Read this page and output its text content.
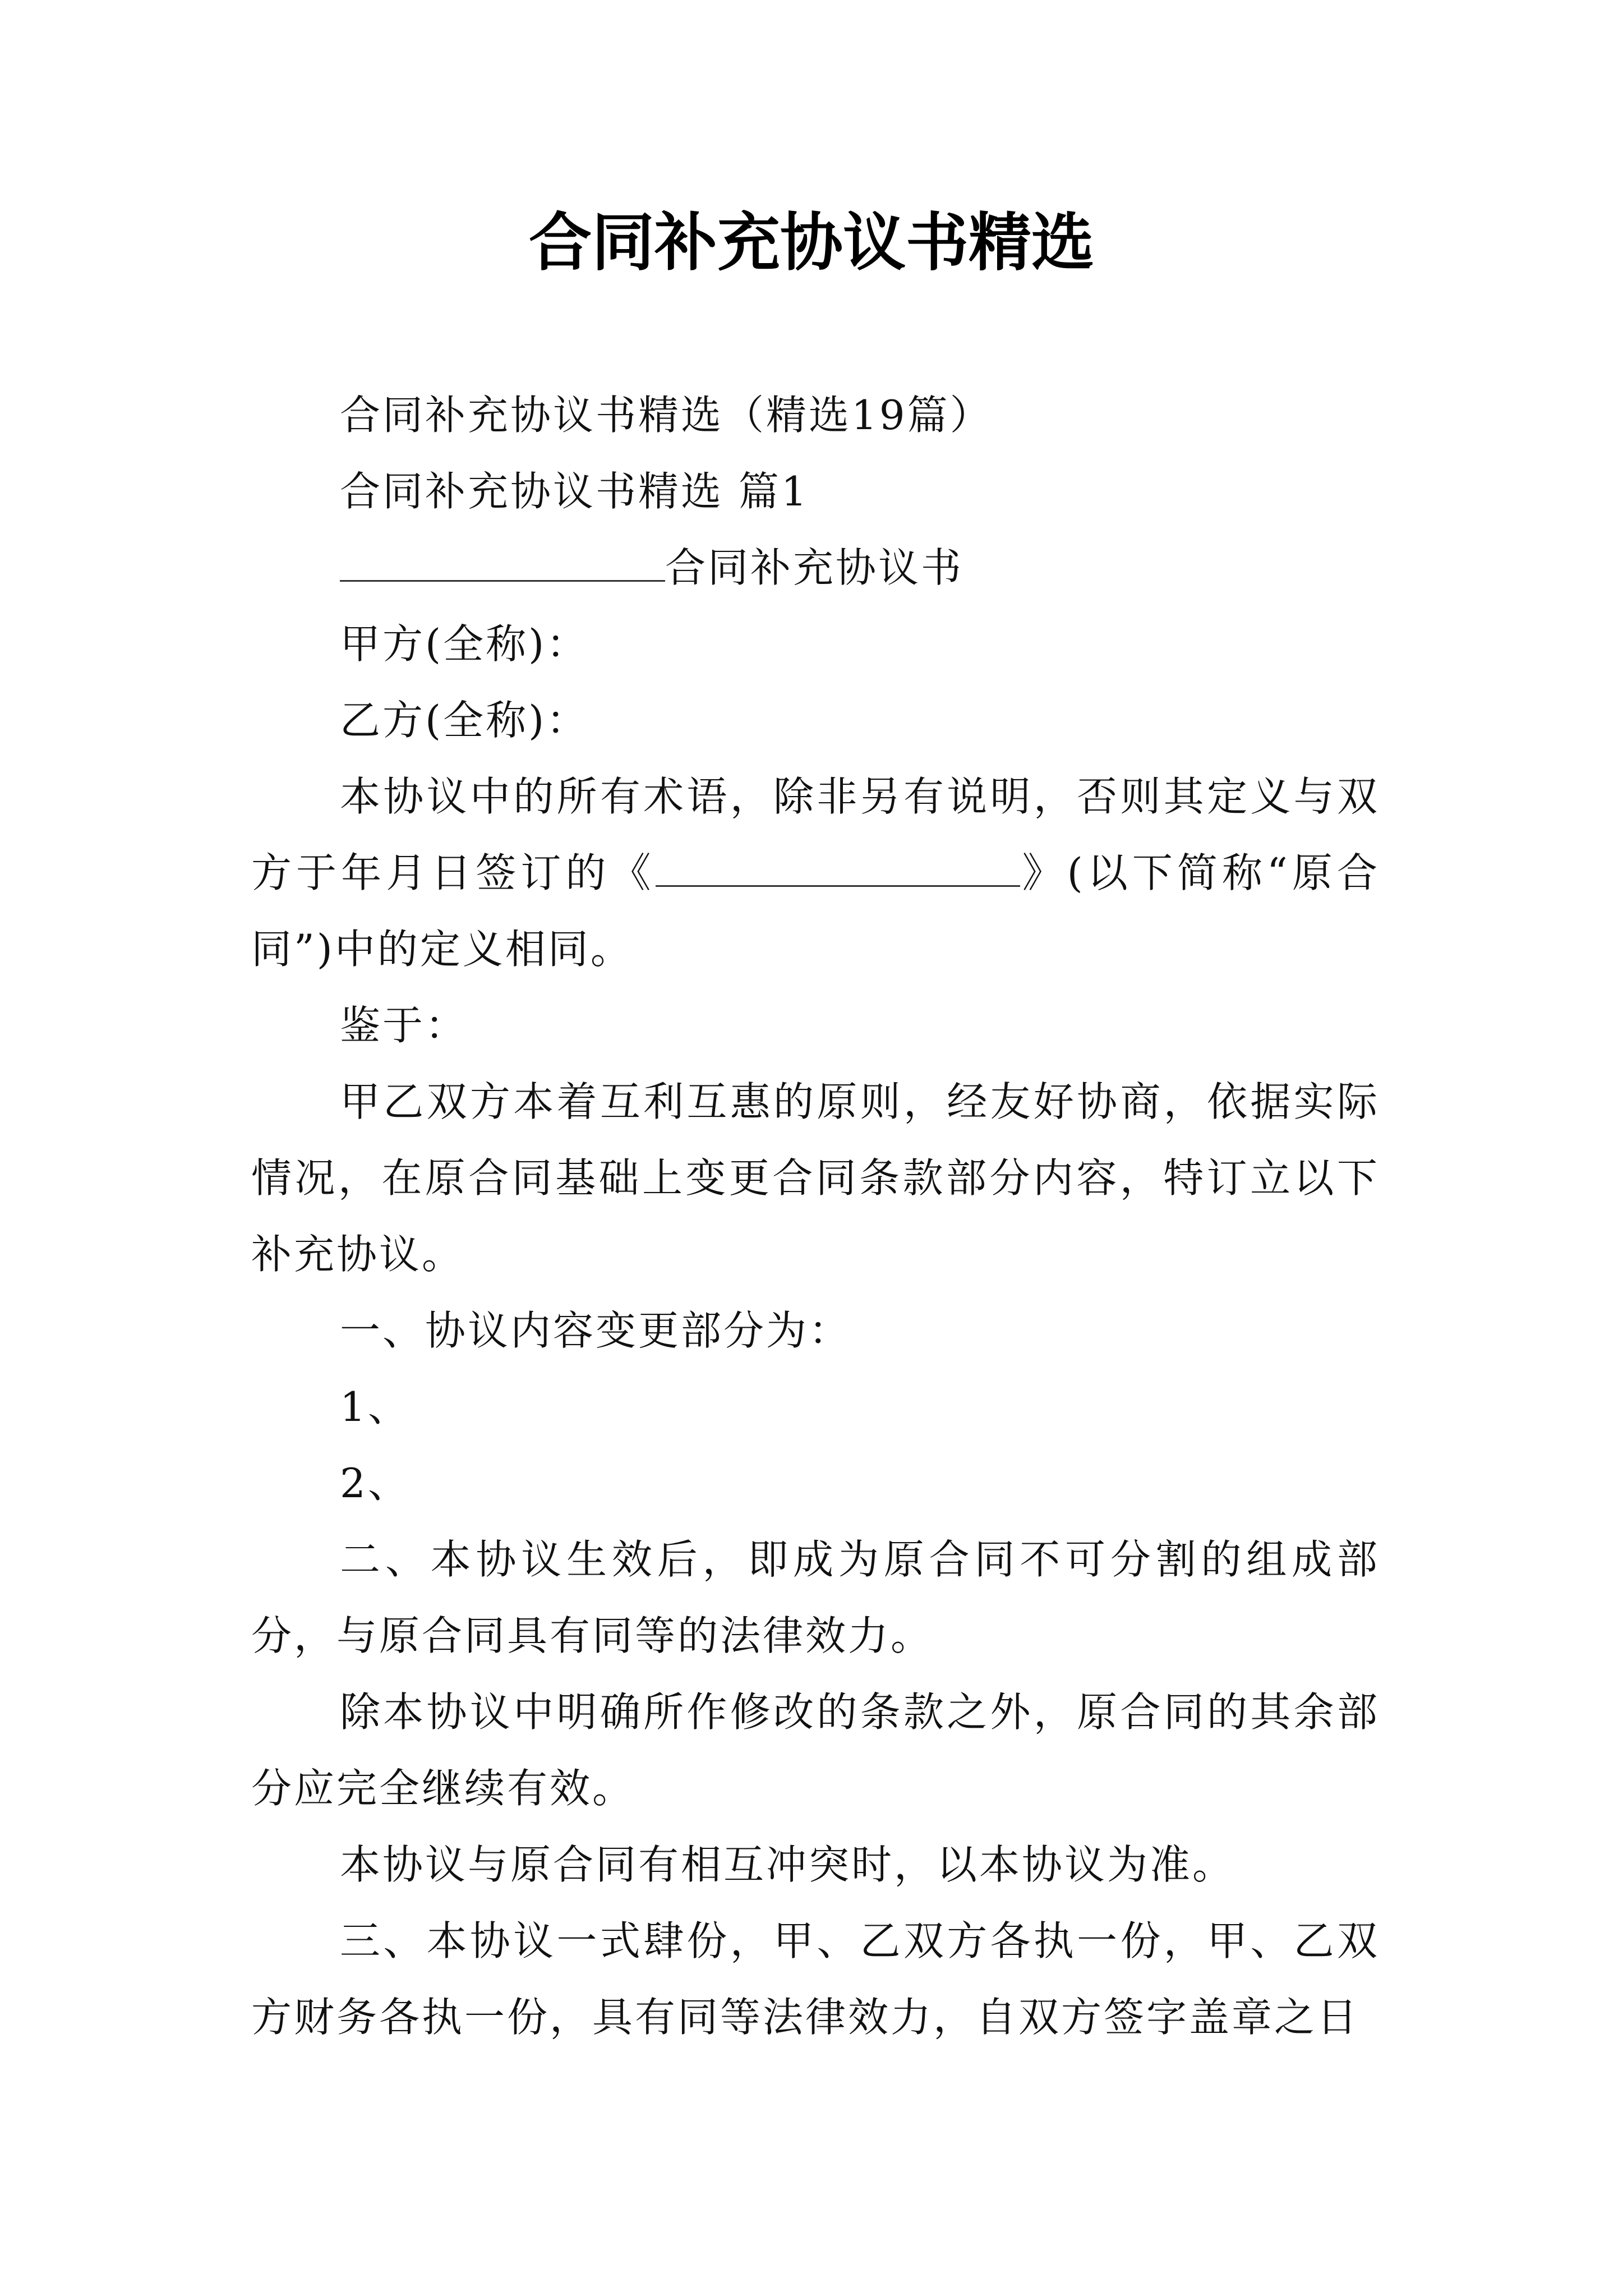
合同补充协议书精选

合同补充协议书精选（精选19篇）

合同补充协议书精选 篇1

合同补充协议书

甲方(全称)：

乙方(全称)：

本协议中的所有术语，除非另有说明，否则其定义与双方于年月日签订的《	》(以下简称“原合同”)中的定义相同。

鉴于：

甲乙双方本着互利互惠的原则，经友好协商，依据实际情况，在原合同基础上变更合同条款部分内容，特订立以下补充协议。

一、协议内容变更部分为：

1、

2、

二、本协议生效后，即成为原合同不可分割的组成部分，与原合同具有同等的法律效力。

除本协议中明确所作修改的条款之外，原合同的其余部分应完全继续有效。

本协议与原合同有相互冲突时，以本协议为准。

三、本协议一式肆份，甲、乙双方各执一份，甲、乙双方财务各执一份，具有同等法律效力，自双方签字盖章之日
